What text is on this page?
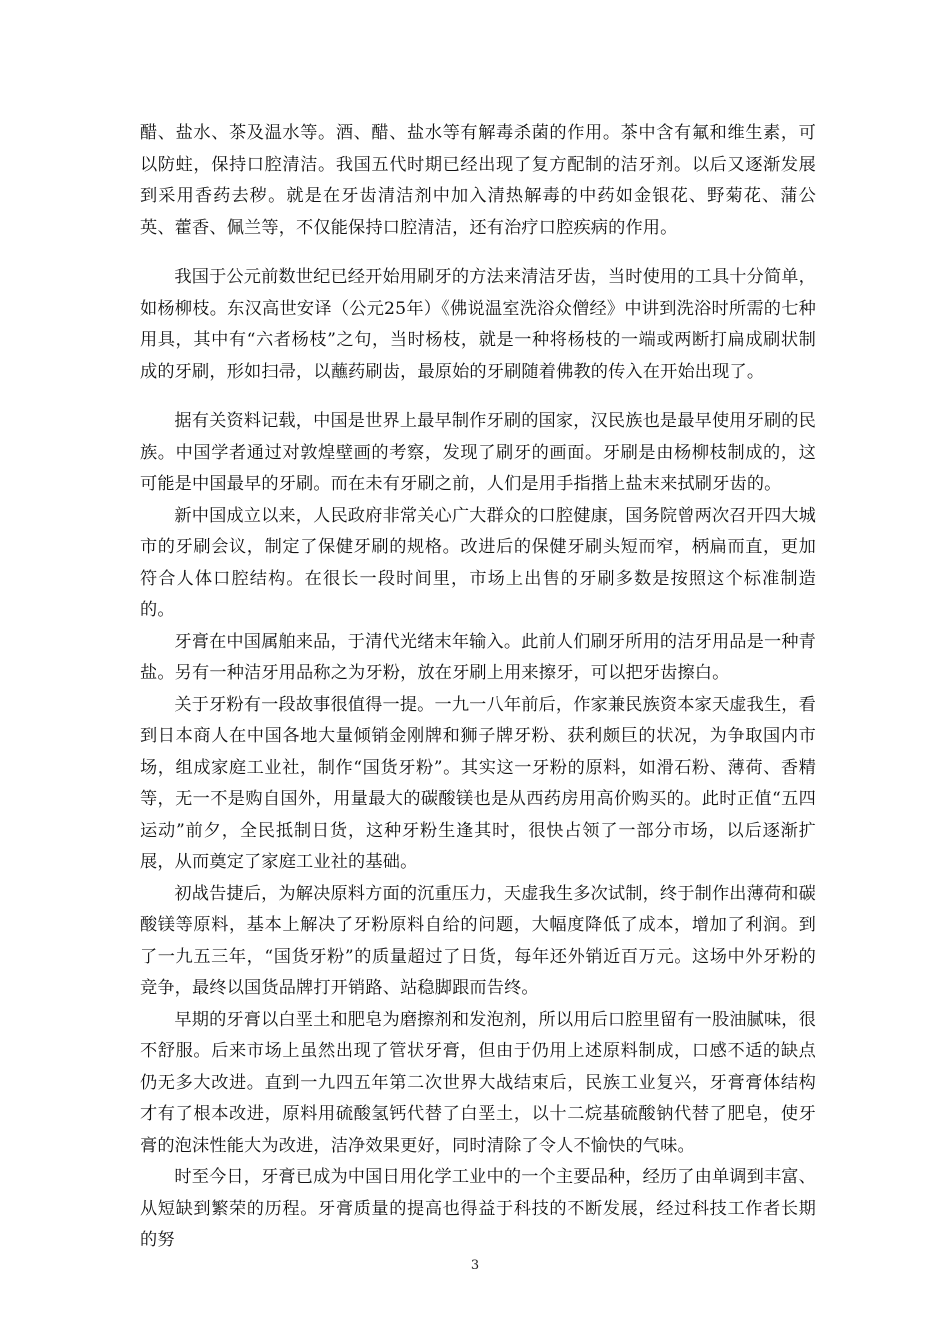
醋、盐水、茶及温水等。酒、醋、盐水等有解毒杀菌的作用。茶中含有氟和维生素，可以防蛀，保持口腔清洁。我国五代时期已经出现了复方配制的洁牙剂。以后又逐渐发展到采用香药去秽。就是在牙齿清洁剂中加入清热解毒的中药如金银花、野菊花、蒲公英、藿香、佩兰等，不仅能保持口腔清洁，还有治疗口腔疾病的作用。

我国于公元前数世纪已经开始用刷牙的方法来清洁牙齿，当时使用的工具十分简单，如杨柳枝。东汉高世安译（公元25年）《佛说温室洗浴众僧经》中讲到洗浴时所需的七种用具，其中有“六者杨枝”之句，当时杨枝，就是一种将杨枝的一端或两断打扁成刷状制成的牙刷，形如扫帚，以蘸药刷齿，最原始的牙刷随着佛教的传入在开始出现了。

据有关资料记载，中国是世界上最早制作牙刷的国家，汉民族也是最早使用牙刷的民族。中国学者通过对敦煌壁画的考察，发现了刷牙的画面。牙刷是由杨柳枝制成的，这可能是中国最早的牙刷。而在未有牙刷之前，人们是用手指揩上盐末来拭刷牙齿的。

新中国成立以来，人民政府非常关心广大群众的口腔健康，国务院曾两次召开四大城市的牙刷会议，制定了保健牙刷的规格。改进后的保健牙刷头短而窄，柄扁而直，更加符合人体口腔结构。在很长一段时间里，市场上出售的牙刷多数是按照这个标准制造的。

牙膏在中国属舶来品，于清代光绪末年输入。此前人们刷牙所用的洁牙用品是一种青盐。另有一种洁牙用品称之为牙粉，放在牙刷上用来擦牙，可以把牙齿擦白。

关于牙粉有一段故事很值得一提。一九一八年前后，作家兼民族资本家天虚我生，看到日本商人在中国各地大量倾销金刚牌和狮子牌牙粉、获利颇巨的状况，为争取国内市场，组成家庭工业社，制作“国货牙粉”。其实这一牙粉的原料，如滑石粉、薄荷、香精等，无一不是购自国外，用量最大的碳酸镁也是从西药房用高价购买的。此时正值“五四运动”前夕，全民抵制日货，这种牙粉生逢其时，很快占领了一部分市场，以后逐渐扩展，从而奠定了家庭工业社的基础。

初战告捷后，为解决原料方面的沉重压力，天虚我生多次试制，终于制作出薄荷和碳酸镁等原料，基本上解决了牙粉原料自给的问题，大幅度降低了成本，增加了利润。到了一九五三年，“国货牙粉”的质量超过了日货，每年还外销近百万元。这场中外牙粉的竞争，最终以国货品牌打开销路、站稳脚跟而告终。

早期的牙膏以白垩土和肥皂为磨擦剂和发泡剂，所以用后口腔里留有一股油腻味，很不舒服。后来市场上虽然出现了管状牙膏，但由于仍用上述原料制成，口感不适的缺点仍无多大改进。直到一九四五年第二次世界大战结束后，民族工业复兴，牙膏膏体结构才有了根本改进，原料用硫酸氢钙代替了白垩土，以十二烷基硫酸钠代替了肥皂，使牙膏的泡沫性能大为改进，洁净效果更好，同时清除了令人不愉快的气味。

时至今日，牙膏已成为中国日用化学工业中的一个主要品种，经历了由单调到丰富、从短缺到繁荣的历程。牙膏质量的提高也得益于科技的不断发展，经过科技工作者长期的努

3
